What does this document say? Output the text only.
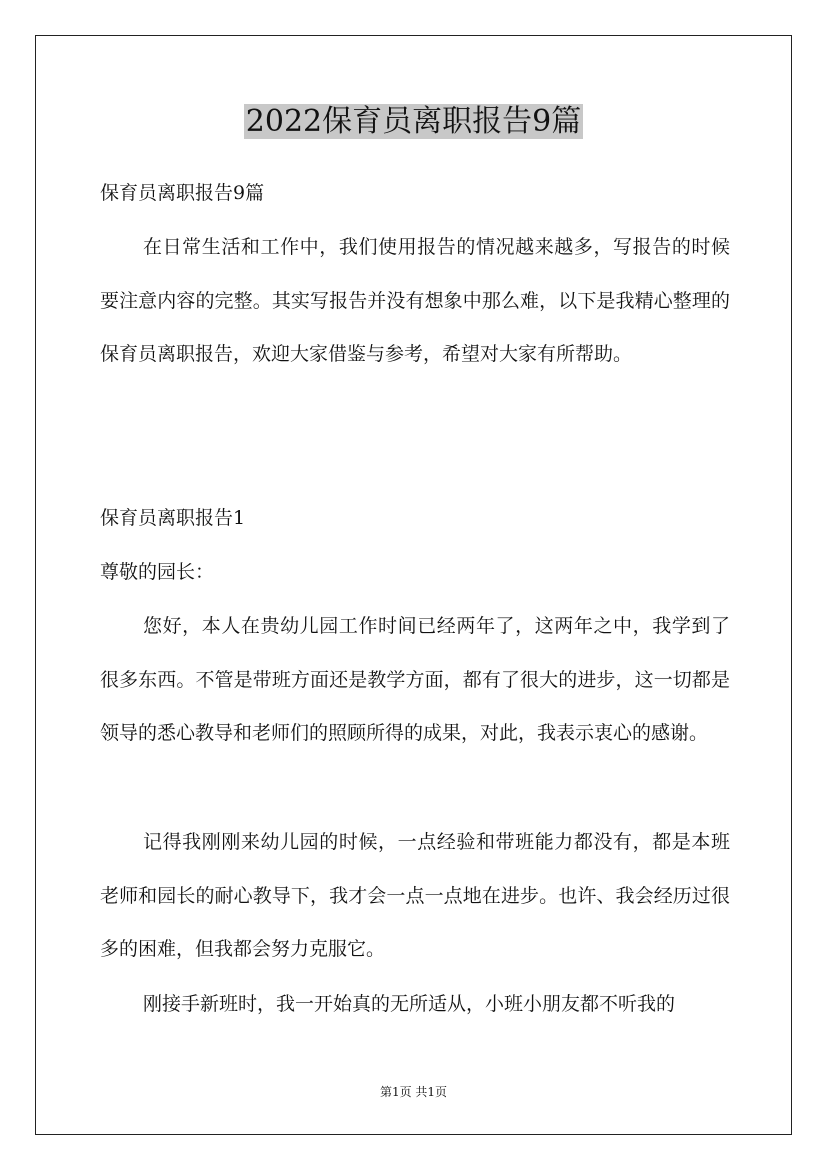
2022保育员离职报告9篇

保育员离职报告9篇

在日常生活和工作中，我们使用报告的情况越来越多，写报告的时候要注意内容的完整。其实写报告并没有想象中那么难，以下是我精心整理的保育员离职报告，欢迎大家借鉴与参考，希望对大家有所帮助。

保育员离职报告1

尊敬的园长：

您好，本人在贵幼儿园工作时间已经两年了，这两年之中，我学到了很多东西。不管是带班方面还是教学方面，都有了很大的进步，这一切都是领导的悉心教导和老师们的照顾所得的成果，对此，我表示衷心的感谢。

记得我刚刚来幼儿园的时候，一点经验和带班能力都没有，都是本班老师和园长的耐心教导下，我才会一点一点地在进步。也许、我会经历过很多的困难，但我都会努力克服它。

刚接手新班时，我一开始真的无所适从，小班小朋友都不听我的

第1页 共1页
